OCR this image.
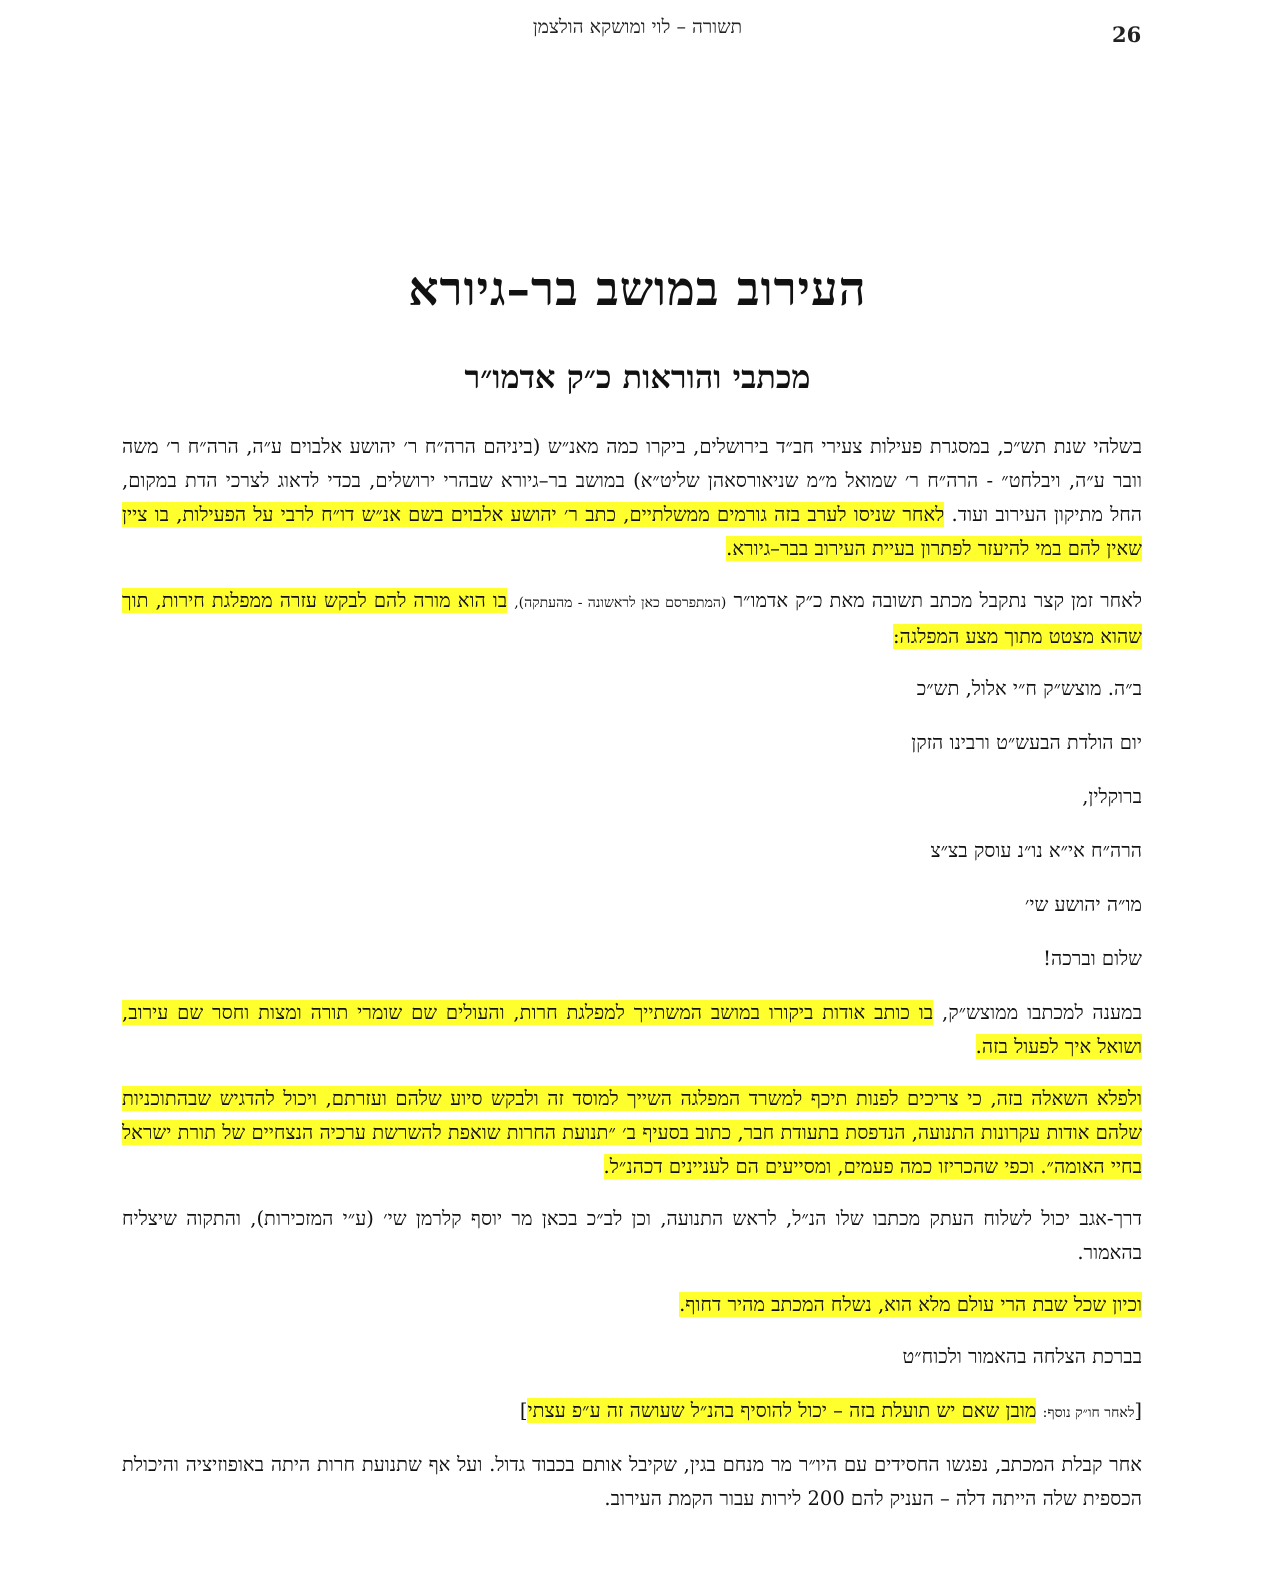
תשורה – לוי ומושקא הולצמן	26
העירוב במושב בר–גיורא
מכתבי והוראות כ״ק אדמו״ר

בשלהי שנת תש״כ, במסגרת פעילות צעירי חב״ד בירושלים, ביקרו כמה מאנ״ש (ביניהם הרה״ח ר׳ יהושע אלבוים ע״ה, הרה״ח ר׳ משה וובר ע״ה, ויבלחט״ - הרה״ח ר׳ שמואל מ״מ שניאורסאהן שליט״א) במושב בר–גיורא שבהרי ירושלים, בכדי לדאוג לצרכי הדת במקום, החל מתיקון העירוב ועוד. לאחר שניסו לערב בזה גורמים ממשלתיים, כתב ר׳ יהושע אלבוים בשם אנ״ש דו״ח לרבי על הפעילות, בו ציין שאין להם במי להיעזר לפתרון בעיית העירוב בבר–גיורא.

לאחר זמן קצר נתקבל מכתב תשובה מאת כ״ק אדמו״ר (המתפרסם כאן לראשונה - מהעתקה), בו הוא מורה להם לבקש עזרה ממפלגת חירות, תוך שהוא מצטט מתוך מצע המפלגה:

ב״ה. מוצש״ק ח״י אלול, תש״כ

יום הולדת הבעש״ט ורבינו הזקן

ברוקלין,

הרה״ח אי״א נו״נ עוסק בצ״צ

מו״ה יהושע שי׳

שלום וברכה!

במענה למכתבו ממוצש״ק, בו כותב אודות ביקורו במושב המשתייך למפלגת חרות, והעולים שם שומרי תורה ומצות וחסר שם עירוב, ושואל איך לפעול בזה.

ולפלא השאלה בזה, כי צריכים לפנות תיכף למשרד המפלגה השייך למוסד זה ולבקש סיוע שלהם ועזרתם, ויכול להדגיש שבהתוכניות שלהם אודות עקרונות התנועה, הנדפסת בתעודת חבר, כתוב בסעיף ב׳ ״תנועת החרות שואפת להשרשת ערכיה הנצחיים של תורת ישראל בחיי האומה״. וכפי שהכריזו כמה פעמים, ומסייעים הם לעניינים דכהנ״ל.

דרך-אגב יכול לשלוח העתק מכתבו שלו הנ״ל, לראש התנועה, וכן לב״כ בכאן מר יוסף קלרמן שי׳ (ע״י המזכירות), והתקוה שיצליח בהאמור.

וכיון שכל שבת הרי עולם מלא הוא, נשלח המכתב מהיר דחוף.

בברכת הצלחה בהאמור ולכוח״ט

[לאחר חו״ק נוסף: מובן שאם יש תועלת בזה – יכול להוסיף בהנ״ל שעושה זה ע״פ עצתי]

אחר קבלת המכתב, נפגשו החסידים עם היו״ר מר מנחם בגין, שקיבל אותם בכבוד גדול. ועל אף שתנועת חרות היתה באופוזיציה והיכולת הכספית שלה הייתה דלה – העניק להם 200 לירות עבור הקמת העירוב.
